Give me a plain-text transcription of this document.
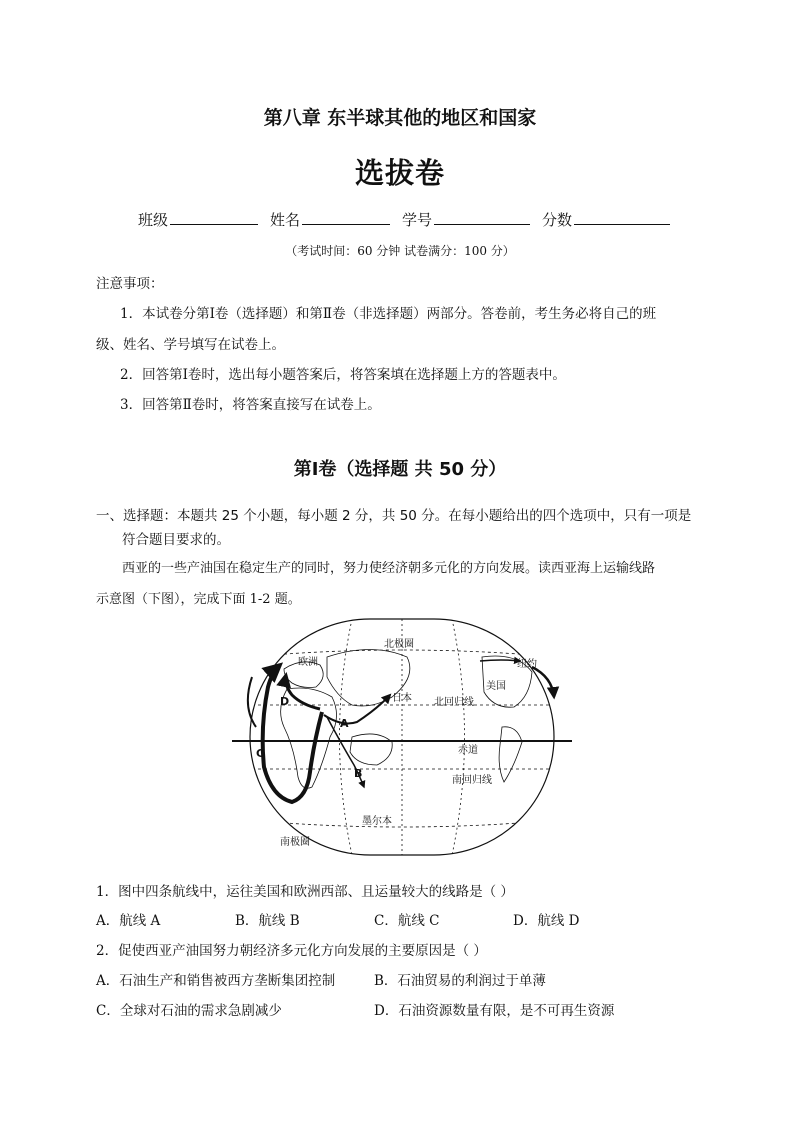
第八章 东半球其他的地区和国家
选拔卷
班级	姓名	学号	分数
（考试时间：60 分钟 试卷满分：100 分）
注意事项：
1．本试卷分第Ⅰ卷（选择题）和第Ⅱ卷（非选择题）两部分。答卷前，考生务必将自己的班
级、姓名、学号填写在试卷上。
2．回答第Ⅰ卷时，选出每小题答案后，将答案填在选择题上方的答题表中。
3．回答第Ⅱ卷时，将答案直接写在试卷上。
第Ⅰ卷（选择题 共 50 分）
一、选择题：本题共 25 个小题，每小题 2 分，共 50 分。在每小题给出的四个选项中，只有一项是
符合题目要求的。
西亚的一些产油国在稳定生产的同时，努力使经济朝多元化的方向发展。读西亚海上运输线路
示意图（下图），完成下面 1-2 题。
欧洲
北极圈
纽约
美国
日本 北回归线
赤道
南回归线
墨尔本
南极圈
A
B
C
D
1．图中四条航线中，运往美国和欧洲西部、且运量较大的线路是（ ）
A．航线 A	B．航线 B	C．航线 C	D．航线 D
2．促使西亚产油国努力朝经济多元化方向发展的主要原因是（ ）
A．石油生产和销售被西方垄断集团控制	B．石油贸易的利润过于单薄
C．全球对石油的需求急剧减少	D．石油资源数量有限，是不可再生资源
